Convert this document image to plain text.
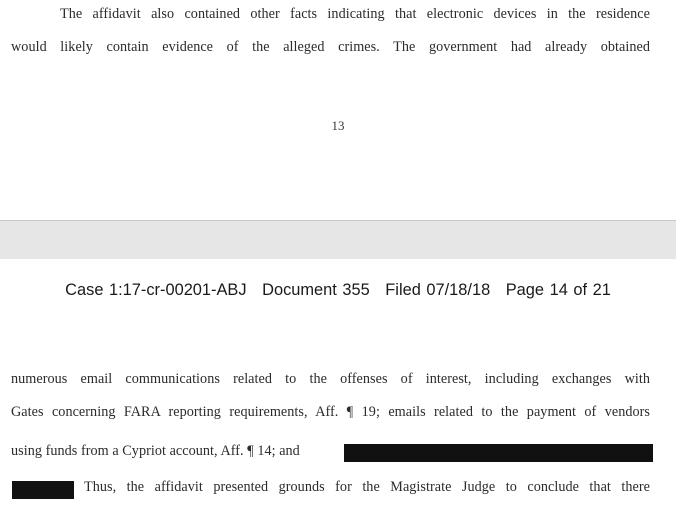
The affidavit also contained other facts indicating that electronic devices in the residence
would likely contain evidence of the alleged crimes. The government had already obtained
13
Case 1:17-cr-00201-ABJ Document 355 Filed 07/18/18 Page 14 of 21
numerous email communications related to the offenses of interest, including exchanges with
Gates concerning FARA reporting requirements, Aff. ¶ 19; emails related to the payment of vendors
using funds from a Cypriot account, Aff. ¶ 14; and
Thus, the affidavit presented grounds for the Magistrate Judge to conclude that there
